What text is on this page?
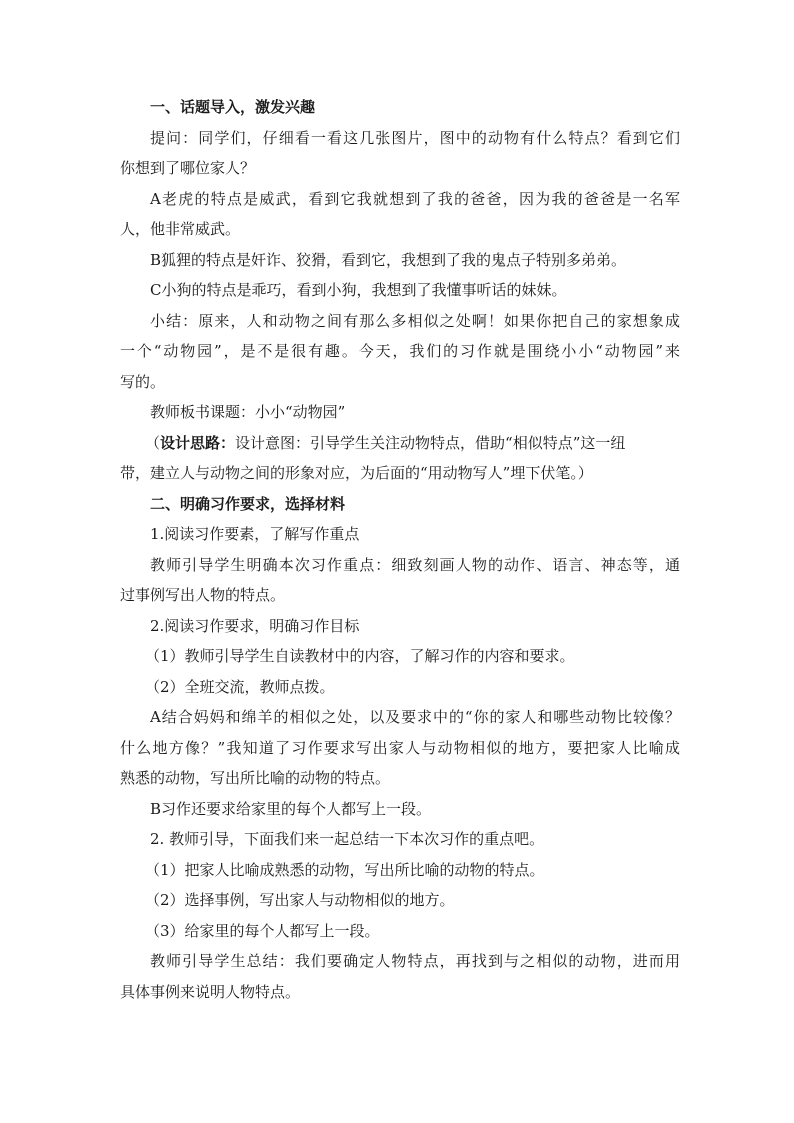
一、话题导入，激发兴趣

提问：同学们，仔细看一看这几张图片，图中的动物有什么特点？看到它们

你想到了哪位家人？

A老虎的特点是威武，看到它我就想到了我的爸爸，因为我的爸爸是一名军

人，他非常威武。

B狐狸的特点是奸诈、狡猾，看到它，我想到了我的鬼点子特别多弟弟。

C小狗的特点是乖巧，看到小狗，我想到了我懂事听话的妹妹。

小结：原来，人和动物之间有那么多相似之处啊！如果你把自己的家想象成

一个“动物园”，是不是很有趣。今天，我们的习作就是围绕小小“动物园”来

写的。

教师板书课题：小小“动物园”

（设计思路：设计意图：引导学生关注动物特点，借助“相似特点”这一纽

带，建立人与动物之间的形象对应，为后面的“用动物写人”埋下伏笔。）

二、明确习作要求，选择材料

1.阅读习作要素，了解写作重点

教师引导学生明确本次习作重点：细致刻画人物的动作、语言、神态等，通

过事例写出人物的特点。

2.阅读习作要求，明确习作目标

（1）教师引导学生自读教材中的内容，了解习作的内容和要求。

（2）全班交流，教师点拨。

A结合妈妈和绵羊的相似之处，以及要求中的“你的家人和哪些动物比较像？

什么地方像？”我知道了习作要求写出家人与动物相似的地方，要把家人比喻成

熟悉的动物，写出所比喻的动物的特点。

B习作还要求给家里的每个人都写上一段。

2. 教师引导，下面我们来一起总结一下本次习作的重点吧。

（1）把家人比喻成熟悉的动物，写出所比喻的动物的特点。

（2）选择事例，写出家人与动物相似的地方。

（3）给家里的每个人都写上一段。

教师引导学生总结：我们要确定人物特点，再找到与之相似的动物，进而用

具体事例来说明人物特点。
